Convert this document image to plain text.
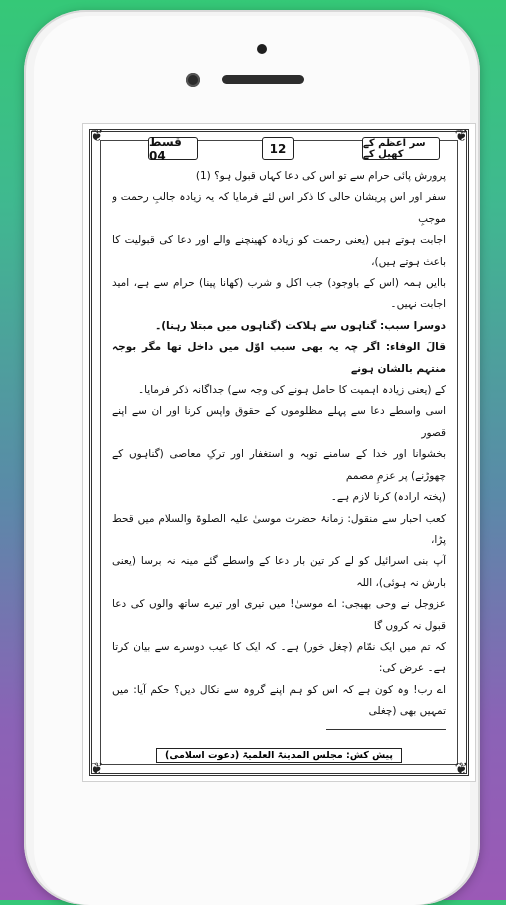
❦	❦
❦	❦
قسط 04	12	سر اعظم کے کھیل کے

پرورش پائی حرام سے تو اس کی دعا کہاں قبول ہو؟ (1)

سفر اور اس پریشان حالی کا ذکر اس لئے فرمایا کہ یہ زیادہ جالبِ رحمت و موجبِ

اجابت ہوتے ہیں (یعنی رحمت کو زیادہ کھینچنے والے اور دعا کی قبولیت کا باعث ہوتے ہیں)،

باایں ہمہ (اس کے باوجود) جب اکل و شرب (کھانا پینا) حرام سے ہے، امید اجابت نہیں۔

دوسرا سبب: گناہوں سے ہلاکت (گناہوں میں مبتلا رہنا)۔

قالَ الوفاء: اگر چہ یہ بھی سبب اوّل میں داخل تھا مگر بوجہ منتہم بالشان ہونے

کے (یعنی زیادہ اہمیت کا حامل ہونے کی وجہ سے) جداگانہ ذکر فرمایا۔

اسی واسطے دعا سے پہلے مظلوموں کے حقوق واپس کرنا اور ان سے اپنے قصور

بخشوانا اور خدا کے سامنے توبہ و استغفار اور ترکِ معاصی (گناہوں کے چھوڑنے) پر عزمِ مصمم

(پختہ ارادہ) کرنا لازم ہے۔

کعب احبار سے منقول: زمانۂ حضرت موسیٰ علیہ الصلوۃ والسلام میں قحط پڑا،

آپ بنی اسرائیل کو لے کر تین بار دعا کے واسطے گئے مینہ نہ برسا (یعنی بارش نہ ہوئی)، اللہ

عزوجل نے وحی بھیجی: اے موسیٰ! میں تیری اور تیرے ساتھ والوں کی دعا قبول نہ کروں گا

کہ تم میں ایک نمّام (چغل خور) ہے۔ کہ ایک کا عیب دوسرے سے بیان کرتا ہے۔ عرض کی:

اے رب! وہ کون ہے کہ اس کو ہم اپنے گروہ سے نکال دیں؟ حکم آیا: میں تمہیں بھی (چغلی

پیش کش: مجلس المدینۃ العلمیۃ (دعوت اسلامی)
